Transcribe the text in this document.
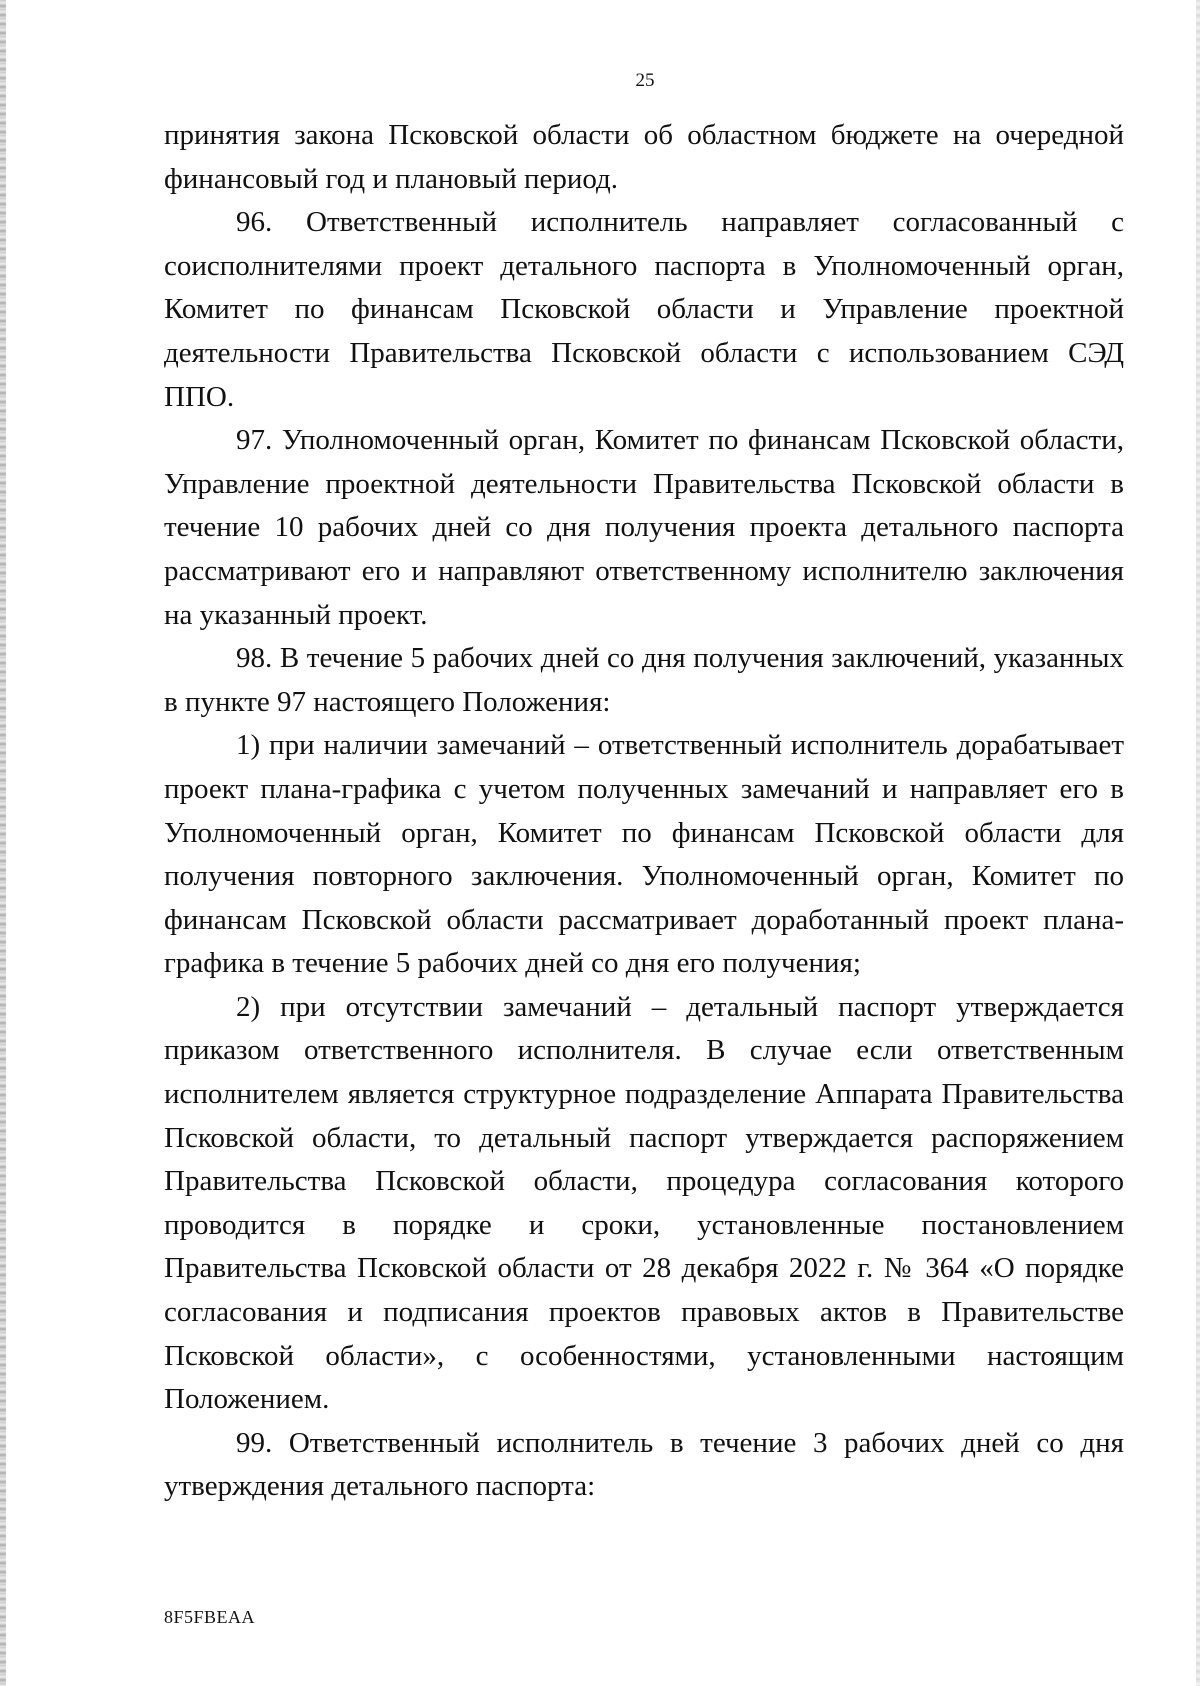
25

принятия закона Псковской области об областном бюджете на очередной финансовый год и плановый период.

96. Ответственный исполнитель направляет согласованный с соисполнителями проект детального паспорта в Уполномоченный орган, Комитет по финансам Псковской области и Управление проектной деятельности Правительства Псковской области с использованием СЭД ППО.

97. Уполномоченный орган, Комитет по финансам Псковской области, Управление проектной деятельности Правительства Псковской области в течение 10 рабочих дней со дня получения проекта детального паспорта рассматривают его и направляют ответственному исполнителю заключения на указанный проект.

98. В течение 5 рабочих дней со дня получения заключений, указанных в пункте 97 настоящего Положения:

1) при наличии замечаний – ответственный исполнитель дорабатывает проект плана-графика с учетом полученных замечаний и направляет его в Уполномоченный орган, Комитет по финансам Псковской области для получения повторного заключения. Уполномоченный орган, Комитет по финансам Псковской области рассматривает доработанный проект плана-графика в течение 5 рабочих дней со дня его получения;

2) при отсутствии замечаний – детальный паспорт утверждается приказом ответственного исполнителя. В случае если ответственным исполнителем является структурное подразделение Аппарата Правительства Псковской области, то детальный паспорт утверждается распоряжением Правительства Псковской области, процедура согласования которого проводится в порядке и сроки, установленные постановлением Правительства Псковской области от 28 декабря 2022 г. № 364 «О порядке согласования и подписания проектов правовых актов в Правительстве Псковской области», с особенностями, установленными настоящим Положением.

99. Ответственный исполнитель в течение 3 рабочих дней со дня утверждения детального паспорта:

8F5FBEAA
